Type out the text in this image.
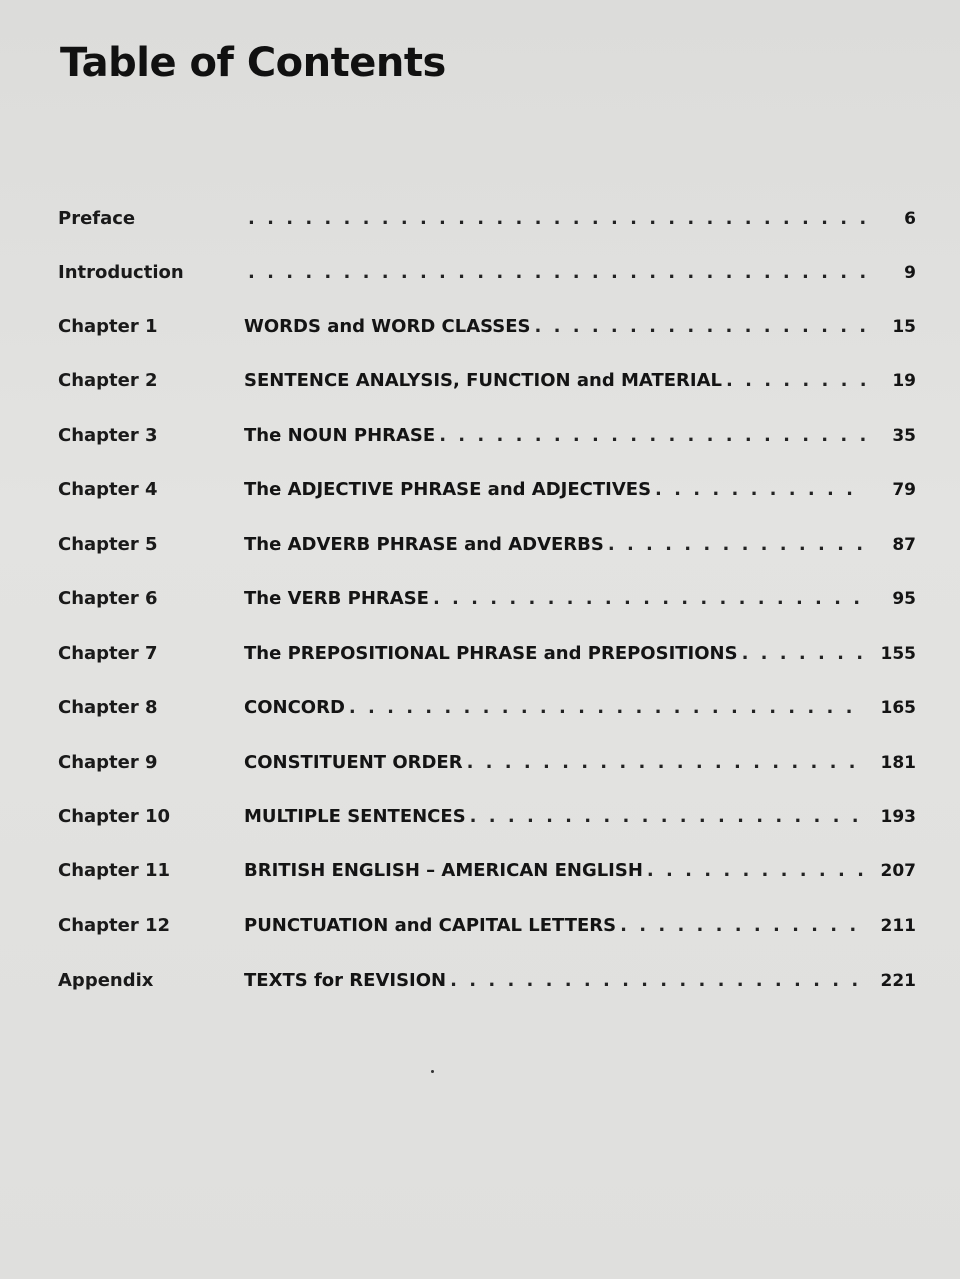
Table of Contents
Preface . . .	6
Introduction . . .	9
Chapter 1	WORDS and WORD CLASSES . . .	15
Chapter 2	SENTENCE ANALYSIS, FUNCTION and MATERIAL . . .	19
Chapter 3	The NOUN PHRASE . . .	35
Chapter 4	The ADJECTIVE PHRASE and ADJECTIVES . . .	79
Chapter 5	The ADVERB PHRASE and ADVERBS . . .	87
Chapter 6	The VERB PHRASE . . .	95
Chapter 7	The PREPOSITIONAL PHRASE and PREPOSITIONS . . .	155
Chapter 8	CONCORD . . .	165
Chapter 9	CONSTITUENT ORDER . . .	181
Chapter 10	MULTIPLE SENTENCES . . .	193
Chapter 11	BRITISH ENGLISH – AMERICAN ENGLISH . . .	207
Chapter 12	PUNCTUATION and CAPITAL LETTERS . . .	211
Appendix	TEXTS for REVISION . . .	221
